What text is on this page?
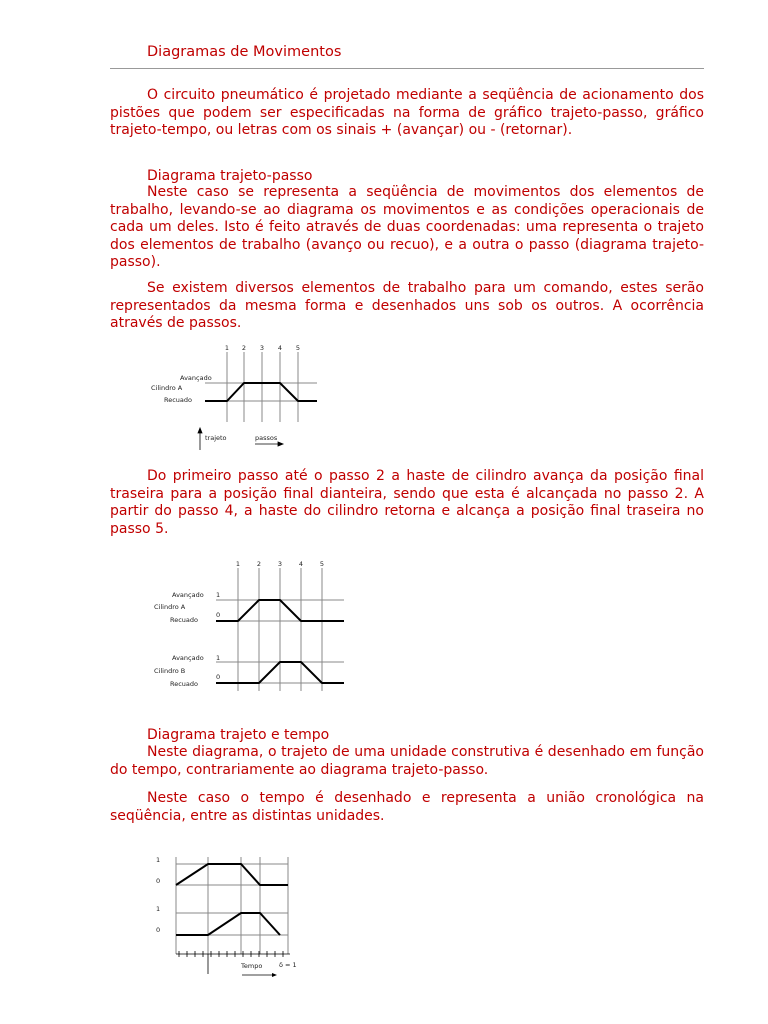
Diagramas de Movimentos

O circuito pneumático é projetado mediante a seqüência de acionamento dos pistões que podem ser especificadas na forma de gráfico trajeto-passo, gráfico trajeto-tempo, ou letras com os sinais + (avançar) ou - (retornar).

Diagrama trajeto-passo

Neste caso se representa a seqüência de movimentos dos elementos de trabalho, levando-se ao diagrama os movimentos e as condições operacionais de cada um deles. Isto é feito através de duas coordenadas: uma representa o trajeto dos elementos de trabalho (avanço ou recuo), e a outra o passo (diagrama trajeto-passo).

Se existem diversos elementos de trabalho para um comando, estes serão representados da mesma forma e desenhados uns sob os outros. A ocorrência através de passos.

1 2 3 4 5
Avançado
Cilindro A
Recuado
trajeto	passos

Do primeiro passo até o passo 2 a haste de cilindro avança da posição final traseira para a posição final dianteira, sendo que esta é alcançada no passo 2. A partir do passo 4, a haste do cilindro retorna e alcança a posição final traseira no passo 5.

1	2	3	4	5
Avançado
Cilindro A
Recuado
1
0
Avançado
Cilindro B
Recuado
1
0
Diagrama trajeto e tempo

Neste diagrama, o trajeto de uma unidade construtiva é desenhado em função do tempo, contrariamente ao diagrama trajeto-passo.

Neste caso o tempo é desenhado e representa a união cronológica na seqüência, entre as distintas unidades.

1
0
1
0
Tempo	δ = 1
